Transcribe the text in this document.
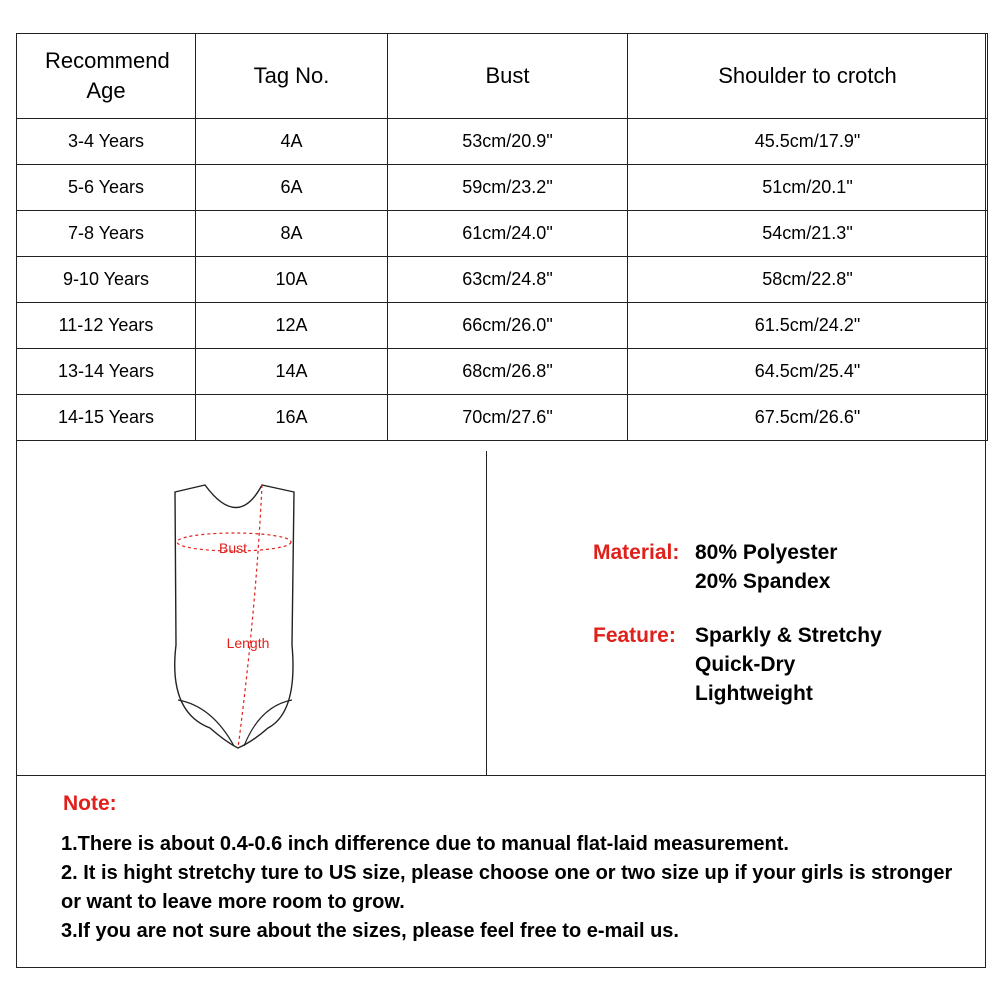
Recommend Age	Tag No.	Bust	Shoulder to crotch
3-4 Years	4A	53cm/20.9"	45.5cm/17.9"
5-6 Years	6A	59cm/23.2"	51cm/20.1"
7-8 Years	8A	61cm/24.0"	54cm/21.3"
9-10 Years	10A	63cm/24.8"	58cm/22.8"
11-12 Years	12A	66cm/26.0"	61.5cm/24.2"
13-14 Years	14A	68cm/26.8"	64.5cm/25.4"
14-15 Years	16A	70cm/27.6"	67.5cm/26.6"
Bust
Length
Material: 80% Polyester
20% Spandex
Feature: Sparkly & Stretchy
Quick-Dry
Lightweight
Note:
1.There is about 0.4-0.6 inch difference due to manual flat-laid measurement.
2. It is hight stretchy ture to US size, please choose one or two size up if your girls is stronger or want to leave more room to grow.
3.If you are not sure about the sizes, please feel free to e-mail us.
